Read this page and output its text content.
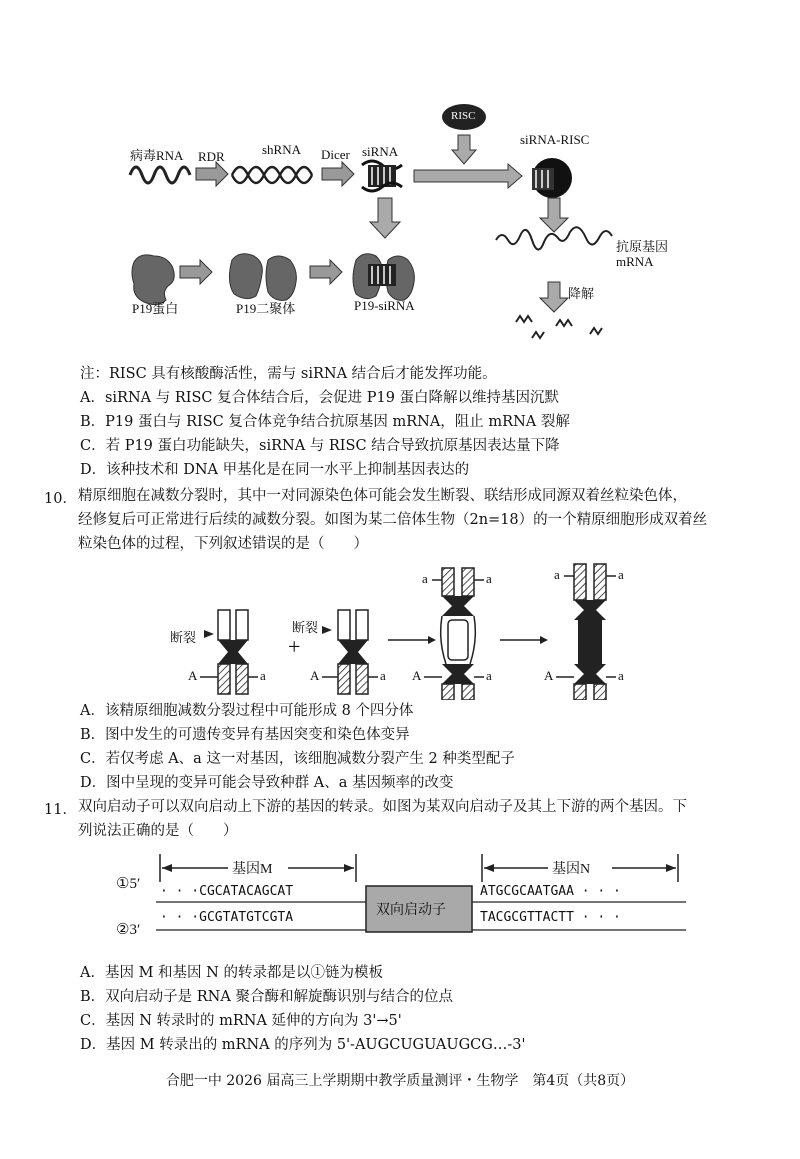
病毒RNA RDR	shRNA Dicer siRNA
RISC
siRNA-RISC
抗原基因
mRNA
降解
P19蛋白	P19二聚体	P19-siRNA
注：RISC 具有核酸酶活性，需与 siRNA 结合后才能发挥功能。
A．siRNA 与 RISC 复合体结合后，会促进 P19 蛋白降解以维持基因沉默
B．P19 蛋白与 RISC 复合体竞争结合抗原基因 mRNA，阻止 mRNA 裂解
C．若 P19 蛋白功能缺失，siRNA 与 RISC 结合导致抗原基因表达量下降
D．该种技术和 DNA 甲基化是在同一水平上抑制基因表达的
10． 精原细胞在减数分裂时，其中一对同源染色体可能会发生断裂、联结形成同源双着丝粒染色体，
经修复后可正常进行后续的减数分裂。如图为某二倍体生物（2n=18）的一个精原细胞形成双着丝
粒染色体的过程，下列叙述错误的是（　　）
断裂
断裂
+
A	a	A	a
a	a
A	a
a	a
A	a
A．该精原细胞减数分裂过程中可能形成 8 个四分体
B．图中发生的可遗传变异有基因突变和染色体变异
C．若仅考虑 A、a 这一对基因，该细胞减数分裂产生 2 种类型配子
D．图中呈现的变异可能会导致种群 A、a 基因频率的改变
11． 双向启动子可以双向启动上下游的基因的转录。如图为某双向启动子及其上下游的两个基因。下
列说法正确的是（　　）
基因M	基因N
①5′
②3′
· · ·CGCATACAGCAT
· · ·GCGTATGTCGTA	双向启动子
ATGCGCAATGAA · · ·
TACGCGTTACTT · · ·
A．基因 M 和基因 N 的转录都是以①链为模板
B．双向启动子是 RNA 聚合酶和解旋酶识别与结合的位点
C．基因 N 转录时的 mRNA 延伸的方向为 3'→5'
D．基因 M 转录出的 mRNA 的序列为 5'-AUGCUGUAUGCG…-3'
合肥一中 2026 届高三上学期期中教学质量测评・生物学　第4页（共8页）
